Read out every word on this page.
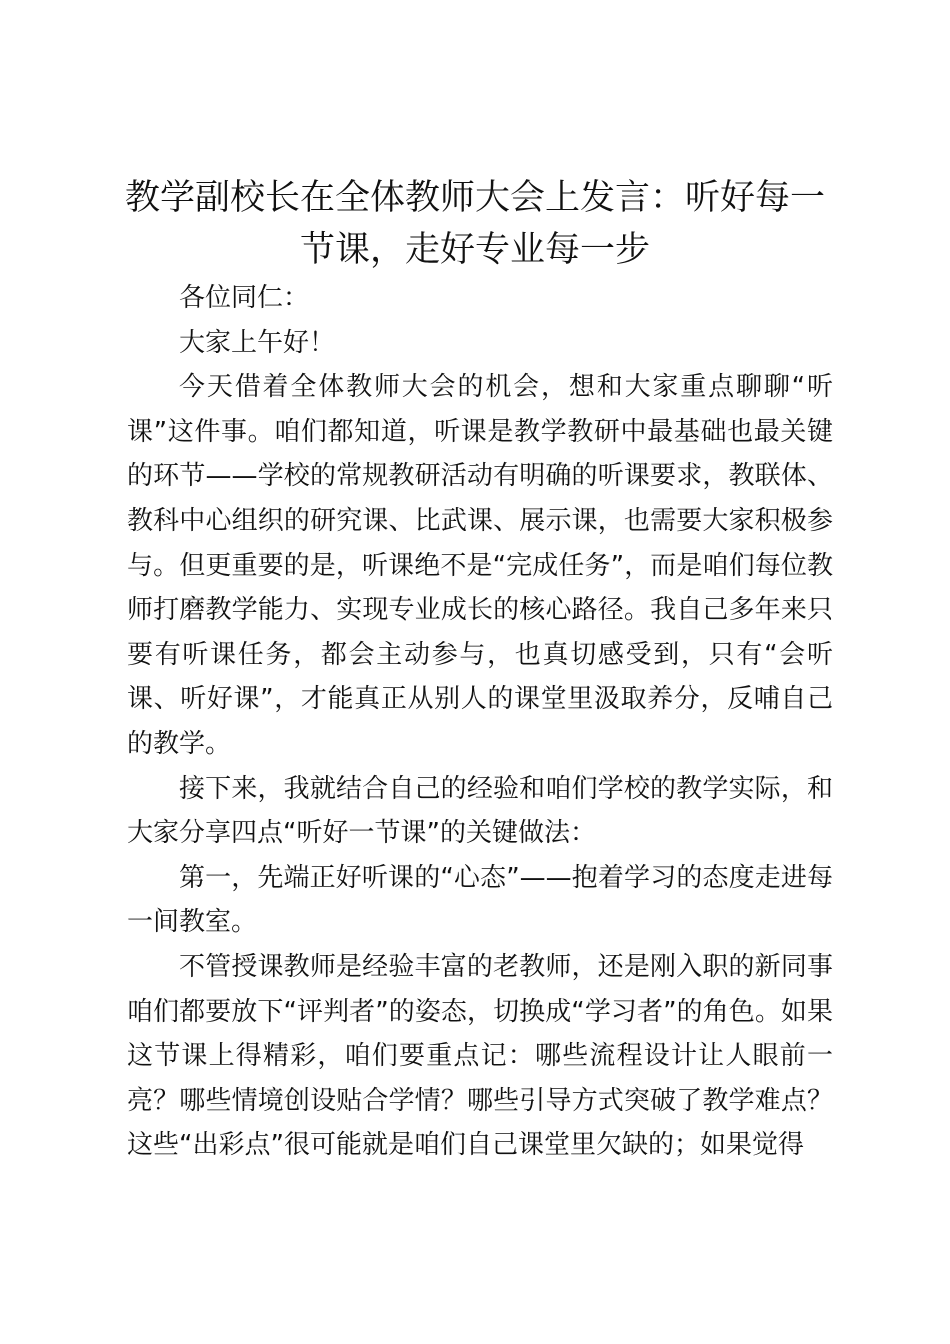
教学副校长在全体教师大会上发言：听好每一节课，走好专业每一步

各位同仁：

大家上午好！

今天借着全体教师大会的机会，想和大家重点聊聊“听课”这件事。咱们都知道，听课是教学教研中最基础也最关键的环节——学校的常规教研活动有明确的听课要求，教联体、教科中心组织的研究课、比武课、展示课，也需要大家积极参与。但更重要的是，听课绝不是“完成任务”，而是咱们每位教师打磨教学能力、实现专业成长的核心路径。我自己多年来只要有听课任务，都会主动参与，也真切感受到，只有“会听课、听好课”，才能真正从别人的课堂里汲取养分，反哺自己的教学。

接下来，我就结合自己的经验和咱们学校的教学实际，和大家分享四点“听好一节课”的关键做法：

第一，先端正好听课的“心态”——抱着学习的态度走进每一间教室。

不管授课教师是经验丰富的老教师，还是刚入职的新同事咱们都要放下“评判者”的姿态，切换成“学习者”的角色。如果这节课上得精彩，咱们要重点记：哪些流程设计让人眼前一亮？哪些情境创设贴合学情？哪些引导方式突破了教学难点？这些“出彩点”很可能就是咱们自己课堂里欠缺的；如果觉得
